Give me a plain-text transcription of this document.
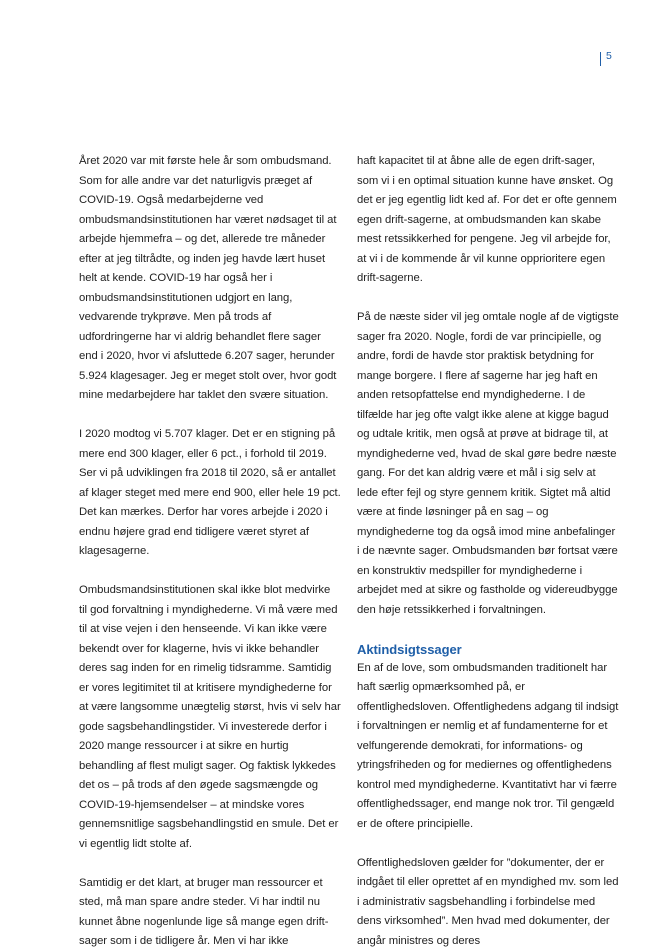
5

Året 2020 var mit første hele år som ombudsmand. Som for alle andre var det naturligvis præget af COVID-19. Også medarbejderne ved ombudsmandsinstitutionen har været nødsaget til at arbejde hjemmefra – og det, allerede tre måneder efter at jeg tiltrådte, og inden jeg havde lært huset helt at kende. COVID-19 har også her i ombudsmandsinstitutionen udgjort en lang, vedvarende trykprøve. Men på trods af udfordringerne har vi aldrig behandlet flere sager end i 2020, hvor vi afsluttede 6.207 sager, herunder 5.924 klagesager. Jeg er meget stolt over, hvor godt mine medarbejdere har taklet den svære situation.

I 2020 modtog vi 5.707 klager. Det er en stigning på mere end 300 klager, eller 6 pct., i forhold til 2019. Ser vi på udviklingen fra 2018 til 2020, så er antallet af klager steget med mere end 900, eller hele 19 pct. Det kan mærkes. Derfor har vores arbejde i 2020 i endnu højere grad end tidligere været styret af klagesagerne.

Ombudsmandsinstitutionen skal ikke blot medvirke til god forvaltning i myndighederne. Vi må være med til at vise vejen i den henseende. Vi kan ikke være bekendt over for klagerne, hvis vi ikke behandler deres sag inden for en rimelig tidsramme. Samtidig er vores legitimitet til at kritisere myndighederne for at være langsomme unægtelig størst, hvis vi selv har gode sagsbehandlingstider. Vi investerede derfor i 2020 mange ressourcer i at sikre en hurtig behandling af flest muligt sager. Og faktisk lykkedes det os – på trods af den øgede sagsmængde og COVID-19-hjemsendelser – at mindske vores gennemsnitlige sagsbehandlingstid en smule. Det er vi egentlig lidt stolte af.

Samtidig er det klart, at bruger man ressourcer et sted, må man spare andre steder. Vi har indtil nu kunnet åbne nogenlunde lige så mange egen drift-sager som i de tidligere år. Men vi har ikke

haft kapacitet til at åbne alle de egen drift-sager, som vi i en optimal situation kunne have ønsket. Og det er jeg egentlig lidt ked af. For det er ofte gennem egen drift-sagerne, at ombudsmanden kan skabe mest retssikkerhed for pengene. Jeg vil arbejde for, at vi i de kommende år vil kunne opprioritere egen drift-sagerne.

På de næste sider vil jeg omtale nogle af de vigtigste sager fra 2020. Nogle, fordi de var principielle, og andre, fordi de havde stor praktisk betydning for mange borgere. I flere af sagerne har jeg haft en anden retsopfattelse end myndighederne. I de tilfælde har jeg ofte valgt ikke alene at kigge bagud og udtale kritik, men også at prøve at bidrage til, at myndighederne ved, hvad de skal gøre bedre næste gang. For det kan aldrig være et mål i sig selv at lede efter fejl og styre gennem kritik. Sigtet må altid være at finde løsninger på en sag – og myndighederne tog da også imod mine anbefalinger i de nævnte sager. Ombudsmanden bør fortsat være en konstruktiv medspiller for myndighederne i arbejdet med at sikre og fastholde og videreudbygge den høje retssikkerhed i forvaltningen.

Aktindsigtssager

En af de love, som ombudsmanden traditionelt har haft særlig opmærksomhed på, er offentlighedsloven. Offentlighedens adgang til indsigt i forvaltningen er nemlig et af fundamenterne for et velfungerende demokrati, for informations- og ytringsfriheden og for mediernes og offentlighedens kontrol med myndighederne. Kvantitativt har vi færre offentlighedssager, end mange nok tror. Til gengæld er de oftere principielle.

Offentlighedsloven gælder for ”dokumenter, der er indgået til eller oprettet af en myndighed mv. som led i administrativ sagsbehandling i forbindelse med dens virksomhed”. Men hvad med dokumenter, der angår ministres og deres
